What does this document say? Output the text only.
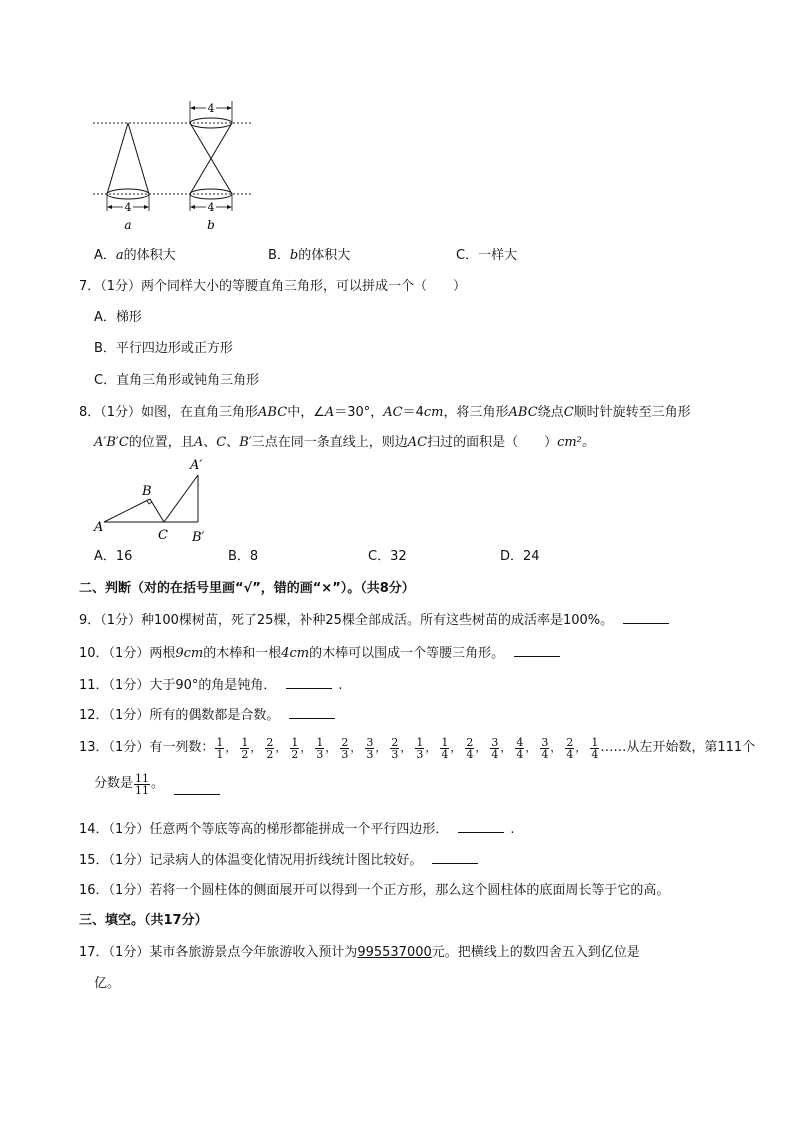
4
a
4
4
b
A．a的体积大	B．b的体积大	C．一样大
7．（1分）两个同样大小的等腰直角三角形，可以拼成一个（　　）
A．梯形
B．平行四边形或正方形
C．直角三角形或钝角三角形
8．（1分）如图，在直角三角形ABC中，∠A＝30°，AC＝4cm，将三角形ABC绕点C顺时针旋转至三角形
A′B′C的位置，且A、C、B′三点在同一条直线上，则边AC扫过的面积是（　　）cm²。
A
B
C
A′
B′
A．16	B．8	C．32	D．24
二、判断（对的在括号里画“√”，错的画“×”）。（共8分）
9．（1分）种100棵树苗，死了25棵，补种25棵全部成活。所有这些树苗的成活率是100%。
10．（1分）两根9cm的木棒和一根4cm的木棒可以围成一个等腰三角形。
11．（1分）大于90°的角是钝角．	.
12．（1分）所有的偶数都是合数。
13．（1分）有一列数： $\frac{1}{1}$ ， $\frac{1}{2}$ ， $\frac{2}{2}$ ， $\frac{1}{2}$ ， $\frac{1}{3}$ ， $\frac{2}{3}$ ， $\frac{3}{3}$ ， $\frac{2}{3}$ ， $\frac{1}{3}$ ， $\frac{1}{4}$ ， $\frac{2}{4}$ ， $\frac{3}{4}$ ， $\frac{4}{4}$ ， $\frac{3}{4}$ ， $\frac{2}{4}$ ， $\frac{1}{4}$ ……从左开始数，第111个
分数是 $\frac{11}{11}$ 。
14．（1分）任意两个等底等高的梯形都能拼成一个平行四边形．	.
15．（1分）记录病人的体温变化情况用折线统计图比较好。
16．（1分）若将一个圆柱体的侧面展开可以得到一个正方形，那么这个圆柱体的底面周长等于它的高。
三、填空。（共17分）
17．（1分）某市各旅游景点今年旅游收入预计为995537000元。把横线上的数四舍五入到亿位是
亿。
